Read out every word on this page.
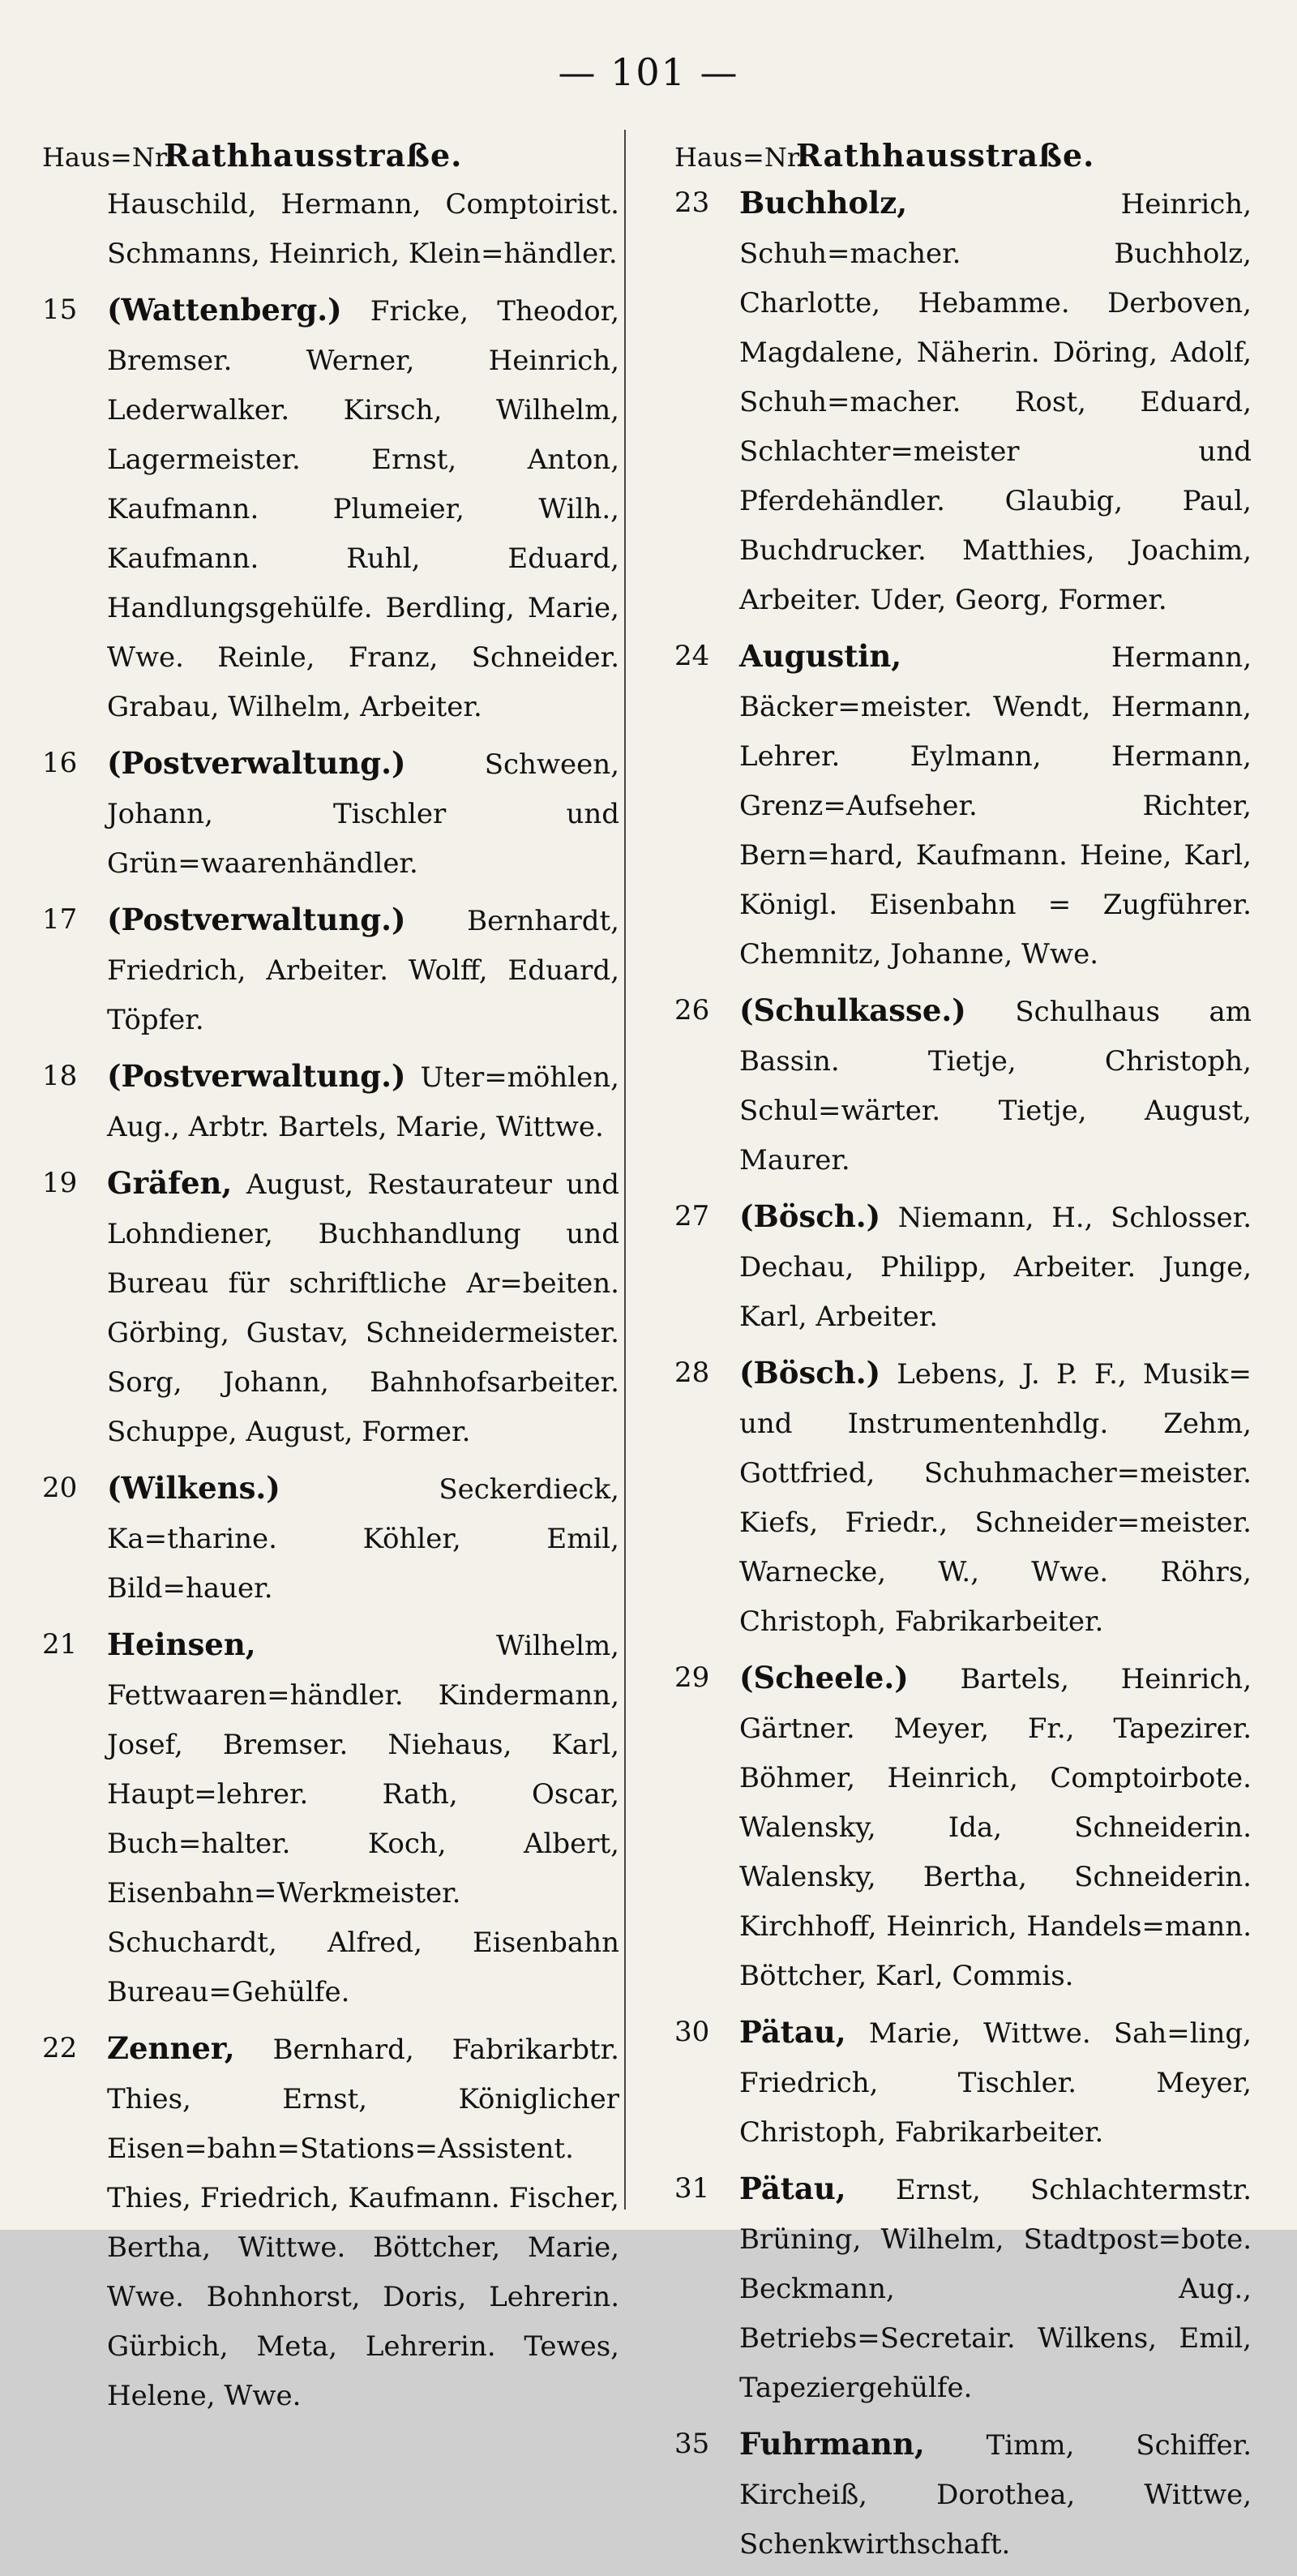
— 101 —
Haus=Nr.
Rathhausstraße.
Hauschild, Hermann, Comptoirist. Schmanns, Heinrich, Klein=händler.
15 (Wattenberg.) Fricke, Theodor, Bremser. Werner, Heinrich, Lederwalker. Kirsch, Wilhelm, Lagermeister. Ernst, Anton, Kaufmann. Plumeier, Wilh., Kaufmann. Ruhl, Eduard, Handlungsgehülfe. Berdling, Marie, Wwe. Reinle, Franz, Schneider. Grabau, Wilhelm, Arbeiter.
16 (Postverwaltung.)	Schween, Johann, Tischler und Grün=waarenhändler.
17 (Postverwaltung.) Bernhardt, Friedrich, Arbeiter. Wolff, Eduard, Töpfer.
18 (Postverwaltung.) Uter=möhlen, Aug., Arbtr. Bartels, Marie, Wittwe.
19 Gräfen, August, Restaurateur und Lohndiener, Buchhandlung und Bureau für schriftliche Ar=beiten. Görbing, Gustav, Schneidermeister. Sorg, Johann, Bahnhofsarbeiter. Schuppe, August, Former.
20 (Wilkens.)	Seckerdieck, Ka=tharine. Köhler, Emil, Bild=hauer.
21 Heinsen,	Wilhelm, Fettwaaren=händler. Kindermann, Josef, Bremser. Niehaus, Karl, Haupt=lehrer. Rath, Oscar, Buch=halter. Koch, Albert, Eisenbahn=Werkmeister. Schuchardt, Alfred, Eisenbahn Bureau=Gehülfe.
22 Zenner, Bernhard, Fabrikarbtr. Thies, Ernst, Königlicher Eisen=bahn=Stations=Assistent. Thies, Friedrich, Kaufmann. Fischer, Bertha, Wittwe. Böttcher, Marie, Wwe. Bohnhorst, Doris, Lehrerin. Gürbich, Meta, Lehrerin. Tewes, Helene, Wwe.
Haus=Nr.
Rathhausstraße.
23 Buchholz,	Heinrich, Schuh=macher. Buchholz, Charlotte, Hebamme. Derboven, Magdalene, Näherin. Döring, Adolf, Schuh=macher. Rost, Eduard, Schlachter=meister und Pferdehändler. Glaubig, Paul, Buchdrucker. Matthies, Joachim, Arbeiter. Uder, Georg, Former.
24 Augustin,	Hermann, Bäcker=meister. Wendt, Hermann, Lehrer. Eylmann, Hermann, Grenz=Aufseher. Richter, Bern=hard, Kaufmann. Heine, Karl, Königl. Eisenbahn = Zugführer. Chemnitz, Johanne, Wwe.
26 (Schulkasse.) Schulhaus am Bassin. Tietje, Christoph, Schul=wärter. Tietje, August, Maurer.
27 (Bösch.) Niemann, H., Schlosser. Dechau, Philipp, Arbeiter. Junge, Karl, Arbeiter.
28 (Bösch.) Lebens, J. P. F., Musik= und Instrumentenhdlg. Zehm, Gottfried, Schuhmacher=meister. Kiefs, Friedr., Schneider=meister. Warnecke, W., Wwe. Röhrs, Christoph, Fabrikarbeiter.
29 (Scheele.) Bartels, Heinrich, Gärtner. Meyer, Fr., Tapezirer. Böhmer, Heinrich, Comptoirbote. Walensky, Ida, Schneiderin. Walensky, Bertha, Schneiderin. Kirchhoff, Heinrich, Handels=mann. Böttcher, Karl, Commis.
30 Pätau, Marie, Wittwe. Sah=ling, Friedrich, Tischler. Meyer, Christoph, Fabrikarbeiter.
31 Pätau, Ernst, Schlachtermstr. Brüning, Wilhelm, Stadtpost=bote. Beckmann, Aug., Betriebs=Secretair. Wilkens, Emil, Tapeziergehülfe.
35 Fuhrmann, Timm, Schiffer. Kircheiß, Dorothea, Wittwe, Schenkwirthschaft.
